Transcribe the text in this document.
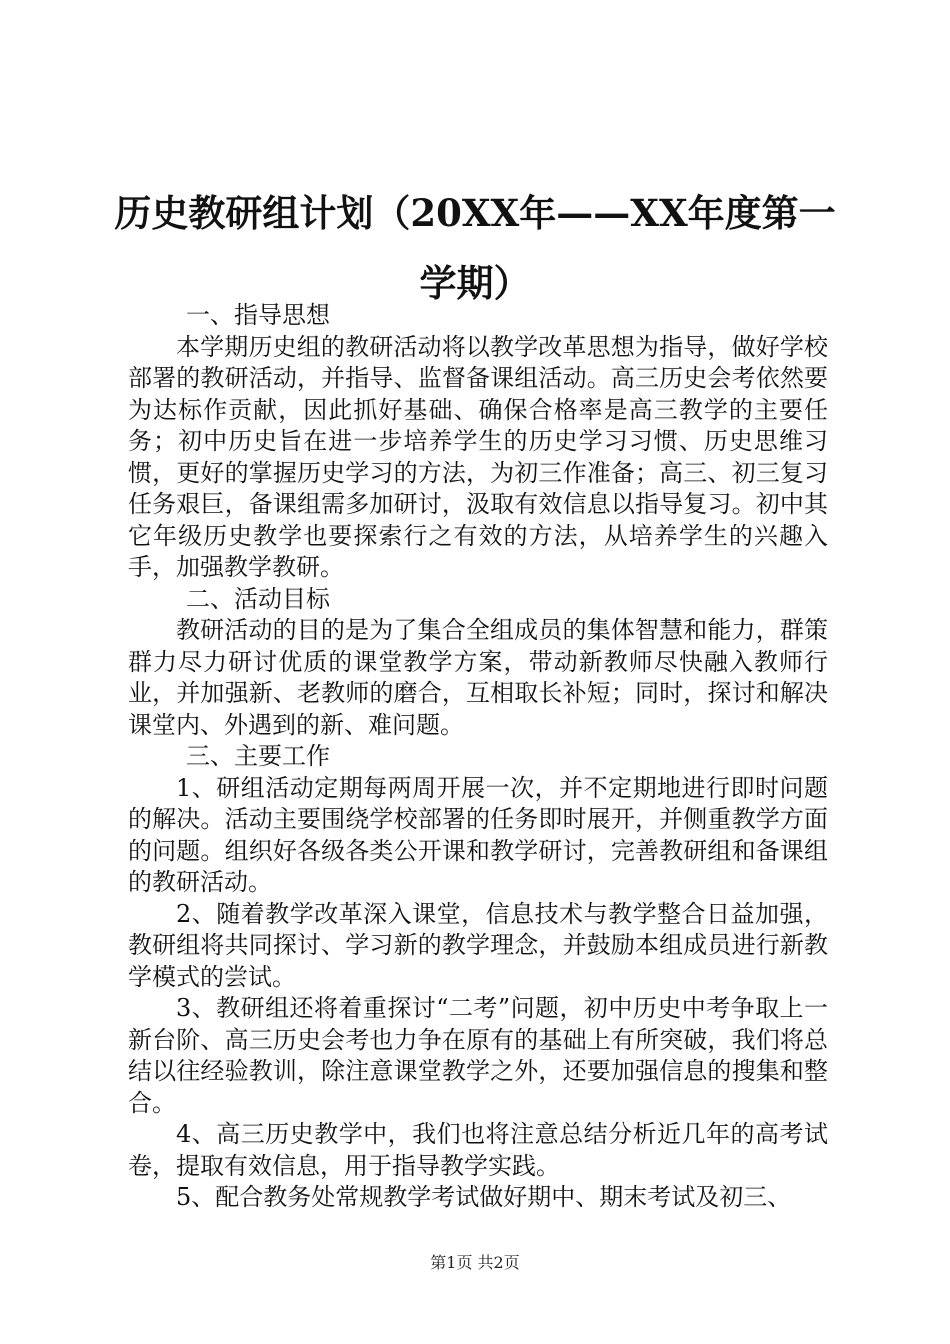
历史教研组计划（20XX年——XX年度第一学期）

一、指导思想

本学期历史组的教研活动将以教学改革思想为指导，做好学校部署的教研活动，并指导、监督备课组活动。高三历史会考依然要为达标作贡献，因此抓好基础、确保合格率是高三教学的主要任务；初中历史旨在进一步培养学生的历史学习习惯、历史思维习惯，更好的掌握历史学习的方法，为初三作准备；高三、初三复习任务艰巨，备课组需多加研讨，汲取有效信息以指导复习。初中其它年级历史教学也要探索行之有效的方法，从培养学生的兴趣入手，加强教学教研。

二、活动目标

教研活动的目的是为了集合全组成员的集体智慧和能力，群策群力尽力研讨优质的课堂教学方案，带动新教师尽快融入教师行业，并加强新、老教师的磨合，互相取长补短；同时，探讨和解决课堂内、外遇到的新、难问题。

三、主要工作

1、研组活动定期每两周开展一次，并不定期地进行即时问题的解决。活动主要围绕学校部署的任务即时展开，并侧重教学方面的问题。组织好各级各类公开课和教学研讨，完善教研组和备课组的教研活动。

2、随着教学改革深入课堂，信息技术与教学整合日益加强，教研组将共同探讨、学习新的教学理念，并鼓励本组成员进行新教学模式的尝试。

3、教研组还将着重探讨“二考”问题，初中历史中考争取上一新台阶、高三历史会考也力争在原有的基础上有所突破，我们将总结以往经验教训，除注意课堂教学之外，还要加强信息的搜集和整合。

4、高三历史教学中，我们也将注意总结分析近几年的高考试卷，提取有效信息，用于指导教学实践。

5、配合教务处常规教学考试做好期中、期末考试及初三、

第1页 共2页
